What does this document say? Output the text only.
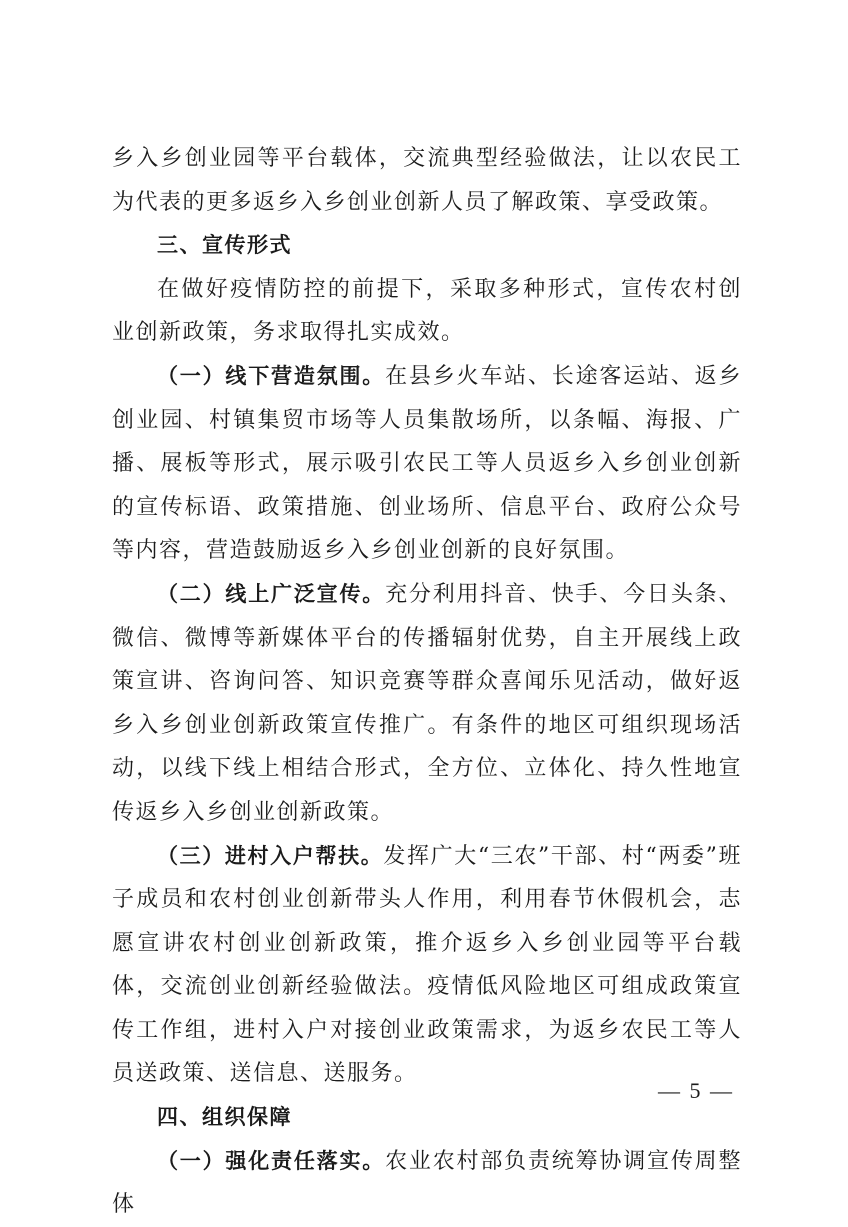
乡入乡创业园等平台载体，交流典型经验做法，让以农民工为代表的更多返乡入乡创业创新人员了解政策、享受政策。

三、宣传形式

在做好疫情防控的前提下，采取多种形式，宣传农村创业创新政策，务求取得扎实成效。

（一）线下营造氛围。在县乡火车站、长途客运站、返乡创业园、村镇集贸市场等人员集散场所，以条幅、海报、广播、展板等形式，展示吸引农民工等人员返乡入乡创业创新的宣传标语、政策措施、创业场所、信息平台、政府公众号等内容，营造鼓励返乡入乡创业创新的良好氛围。

（二）线上广泛宣传。充分利用抖音、快手、今日头条、微信、微博等新媒体平台的传播辐射优势，自主开展线上政策宣讲、咨询问答、知识竞赛等群众喜闻乐见活动，做好返乡入乡创业创新政策宣传推广。有条件的地区可组织现场活动，以线下线上相结合形式，全方位、立体化、持久性地宣传返乡入乡创业创新政策。

（三）进村入户帮扶。发挥广大“三农”干部、村“两委”班子成员和农村创业创新带头人作用，利用春节休假机会，志愿宣讲农村创业创新政策，推介返乡入乡创业园等平台载体，交流创业创新经验做法。疫情低风险地区可组成政策宣传工作组，进村入户对接创业政策需求，为返乡农民工等人员送政策、送信息、送服务。

四、组织保障

（一）强化责任落实。农业农村部负责统筹协调宣传周整体

— 5 —
